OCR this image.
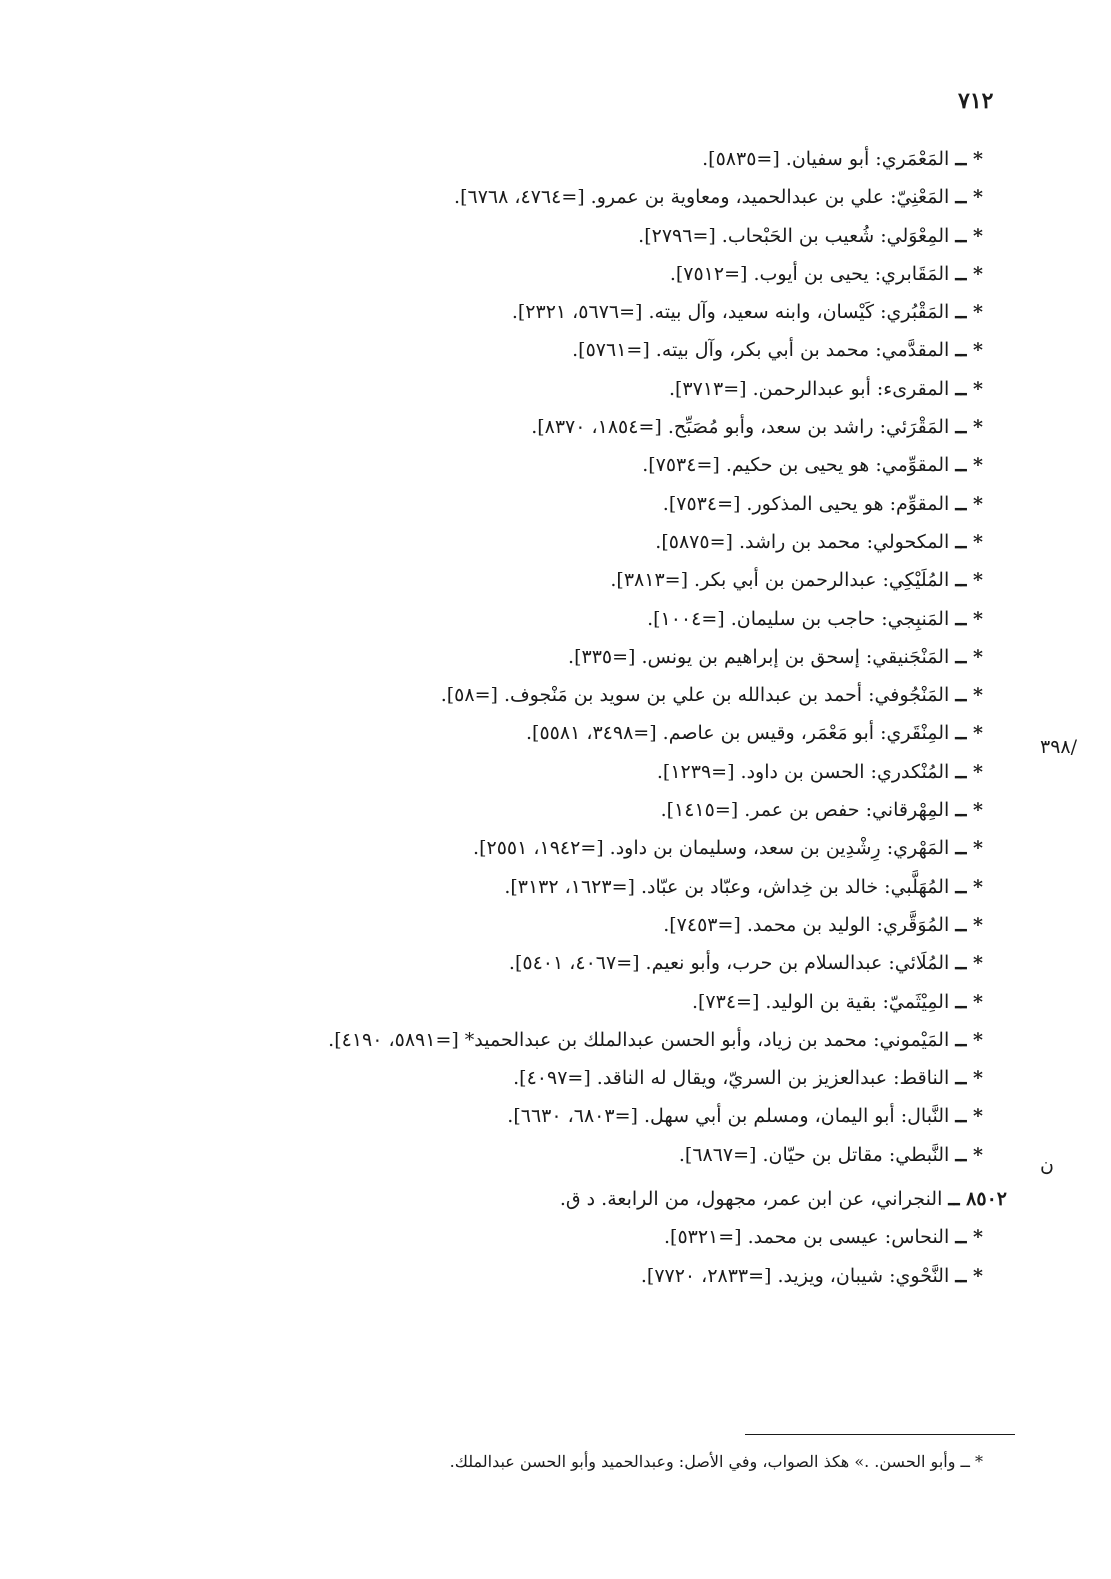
٧١٢
/٣٩٨
ن
* ــ المَعْمَري: أبو سفيان. [=٥٨٣٥].
* ــ المَعْنِيّ: علي بن عبدالحميد، ومعاوية بن عمرو. [=٤٧٦٤، ٦٧٦٨].
* ــ المِعْوَلي: شُعيب بن الحَبْحاب. [=٢٧٩٦].
* ــ المَقَابري: يحيى بن أيوب. [=٧٥١٢].
* ــ المَقْبُري: كَيْسان، وابنه سعيد، وآل بيته. [=٥٦٧٦، ٢٣٢١].
* ــ المقدَّمي: محمد بن أبي بكر، وآل بيته. [=٥٧٦١].
* ــ المقرىء: أبو عبدالرحمن. [=٣٧١٣].
* ــ المَقْرَئي: راشد بن سعد، وأبو مُصَبِّح. [=١٨٥٤، ٨٣٧٠].
* ــ المقوِّمي: هو يحيى بن حكيم. [=٧٥٣٤].
* ــ المقوِّم: هو يحيى المذكور. [=٧٥٣٤].
* ــ المكحولي: محمد بن راشد. [=٥٨٧٥].
* ــ المُلَيْكِي: عبدالرحمن بن أبي بكر. [=٣٨١٣].
* ــ المَنبِجي: حاجب بن سليمان. [=١٠٠٤].
* ــ المَنْجَنيقي: إسحق بن إبراهيم بن يونس. [=٣٣٥].
* ــ المَنْجُوفي: أحمد بن عبدالله بن علي بن سويد بن مَنْجوف. [=٥٨].
* ــ المِنْقَري: أبو مَعْمَر، وقيس بن عاصم. [=٣٤٩٨، ٥٥٨١].
* ــ المُنْكدري: الحسن بن داود. [=١٢٣٩].
* ــ المِهْرقاني: حفص بن عمر. [=١٤١٥].
* ــ المَهْري: رِشْدِين بن سعد، وسليمان بن داود. [=١٩٤٢، ٢٥٥١].
* ــ المُهَلَّبي: خالد بن خِداش، وعبّاد بن عبّاد. [=١٦٢٣، ٣١٣٢].
* ــ المُوَقَّري: الوليد بن محمد. [=٧٤٥٣].
* ــ المُلَائي: عبدالسلام بن حرب، وأبو نعيم. [=٤٠٦٧، ٥٤٠١].
* ــ المِيْثَميّ: بقية بن الوليد. [=٧٣٤].
* ــ المَيْموني: محمد بن زياد، وأبو الحسن عبدالملك بن عبدالحميد* [=٥٨٩١، ٤١٩٠].
* ــ الناقط: عبدالعزيز بن السريّ، ويقال له الناقد. [=٤٠٩٧].
* ــ النَّبال: أبو اليمان، ومسلم بن أبي سهل. [=٦٨٠٣، ٦٦٣٠].
* ــ النَّبطي: مقاتل بن حيّان. [=٦٨٦٧].
٨٥٠٢ ــ النجراني، عن ابن عمر، مجهول، من الرابعة. د ق.
* ــ النحاس: عيسى بن محمد. [=٥٣٢١].
* ــ النَّحْوي: شيبان، ويزيد. [=٢٨٣٣، ٧٧٢٠].
* ــ وأبو الحسن. .» هكذ الصواب، وفي الأصل: وعبدالحميد وأبو الحسن عبدالملك.
